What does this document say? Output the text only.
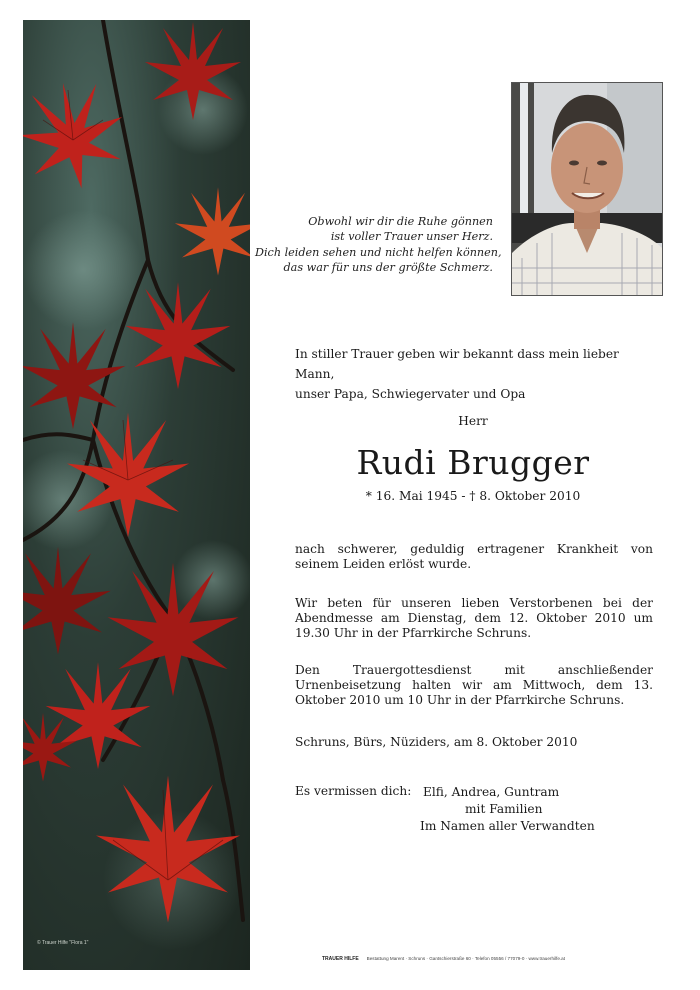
© Trauer Hilfe "Flora 1"
Obwohl wir dir die Ruhe gönnen
ist voller Trauer unser Herz.
Dich leiden sehen und nicht helfen können,
das war für uns der größte Schmerz.
In stiller Trauer geben wir bekannt dass mein lieber Mann,
unser Papa, Schwiegervater und Opa
Herr
Rudi Brugger
* 16. Mai 1945 - † 8. Oktober 2010
nach schwerer, geduldig ertragener Krankheit von seinem Leiden erlöst wurde.
Wir beten für unseren lieben Verstorbenen bei der Abendmesse am Dienstag, dem 12. Oktober 2010 um 19.30 Uhr in der Pfarrkirche Schruns.
Den Trauergottesdienst mit anschließender Urnenbeisetzung halten wir am Mittwoch, dem 13. Oktober 2010 um 10 Uhr in der Pfarrkirche Schruns.
Schruns, Bürs, Nüziders, am 8. Oktober 2010
Es vermissen dich: Elfi, Andrea, Guntram
mit Familien
Im Namen aller Verwandten
TRAUER HILFE Bestattung Marent · Schruns · Gantschierstraße 60 · Telefon 05556 / 77079-0 · www.trauerhilfe.at
